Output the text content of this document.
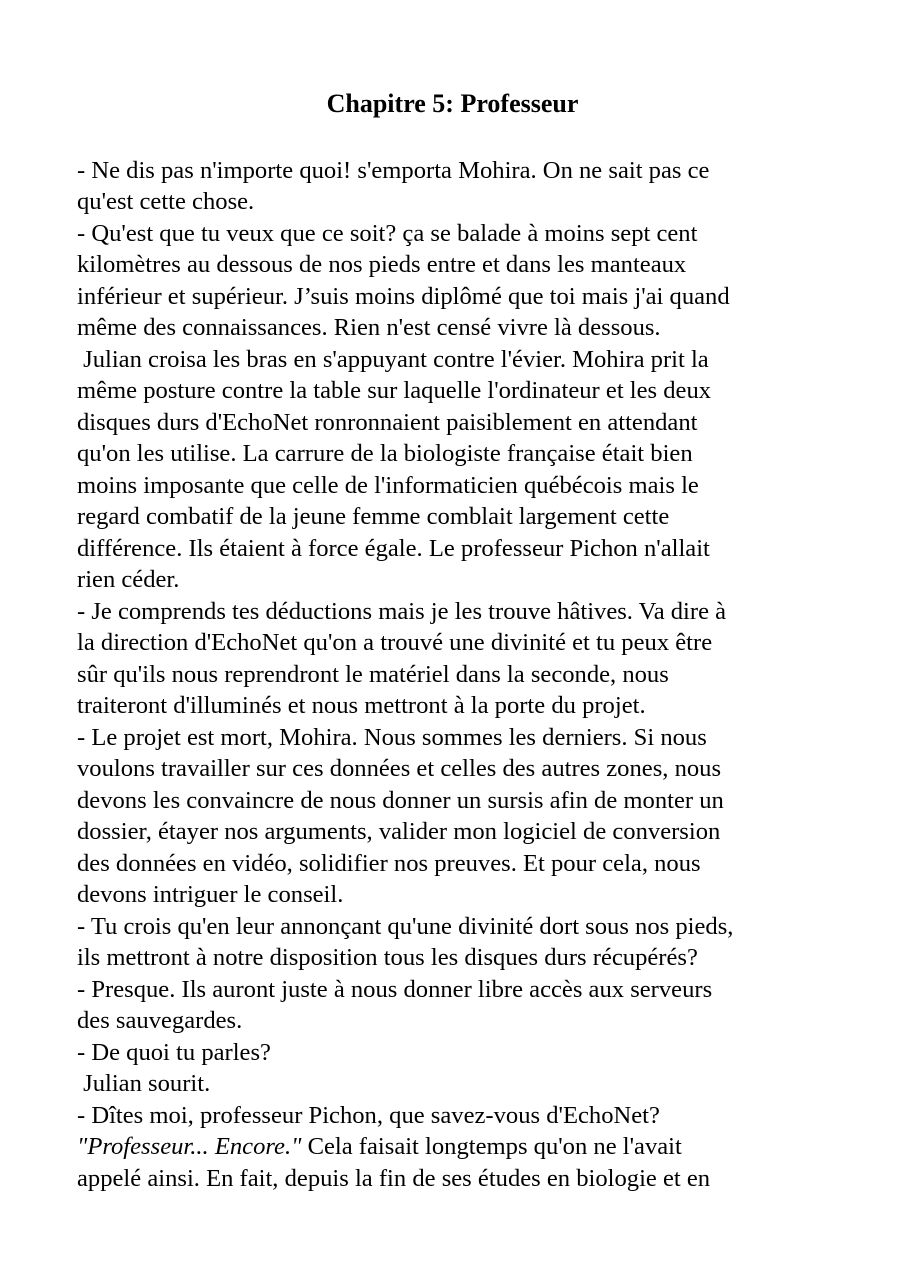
Chapitre 5: Professeur
- Ne dis pas n'importe quoi! s'emporta Mohira. On ne sait pas ce
qu'est cette chose.
- Qu'est que tu veux que ce soit? ça se balade à moins sept cent
kilomètres au dessous de nos pieds entre et dans les manteaux
inférieur et supérieur. J’suis moins diplômé que toi mais j'ai quand
même des connaissances. Rien n'est censé vivre là dessous.
Julian croisa les bras en s'appuyant contre l'évier. Mohira prit la
même posture contre la table sur laquelle l'ordinateur et les deux
disques durs d'EchoNet ronronnaient paisiblement en attendant
qu'on les utilise. La carrure de la biologiste française était bien
moins imposante que celle de l'informaticien québécois mais le
regard combatif de la jeune femme comblait largement cette
différence. Ils étaient à force égale. Le professeur Pichon n'allait
rien céder.
- Je comprends tes déductions mais je les trouve hâtives. Va dire à
la direction d'EchoNet qu'on a trouvé une divinité et tu peux être
sûr qu'ils nous reprendront le matériel dans la seconde, nous
traiteront d'illuminés et nous mettront à la porte du projet.
- Le projet est mort, Mohira. Nous sommes les derniers. Si nous
voulons travailler sur ces données et celles des autres zones, nous
devons les convaincre de nous donner un sursis afin de monter un
dossier, étayer nos arguments, valider mon logiciel de conversion
des données en vidéo, solidifier nos preuves. Et pour cela, nous
devons intriguer le conseil.
- Tu crois qu'en leur annonçant qu'une divinité dort sous nos pieds,
ils mettront à notre disposition tous les disques durs récupérés?
- Presque. Ils auront juste à nous donner libre accès aux serveurs
des sauvegardes.
- De quoi tu parles?
Julian sourit.
- Dîtes moi, professeur Pichon, que savez-vous d'EchoNet?
"Professeur... Encore." Cela faisait longtemps qu'on ne l'avait
appelé ainsi. En fait, depuis la fin de ses études en biologie et en
